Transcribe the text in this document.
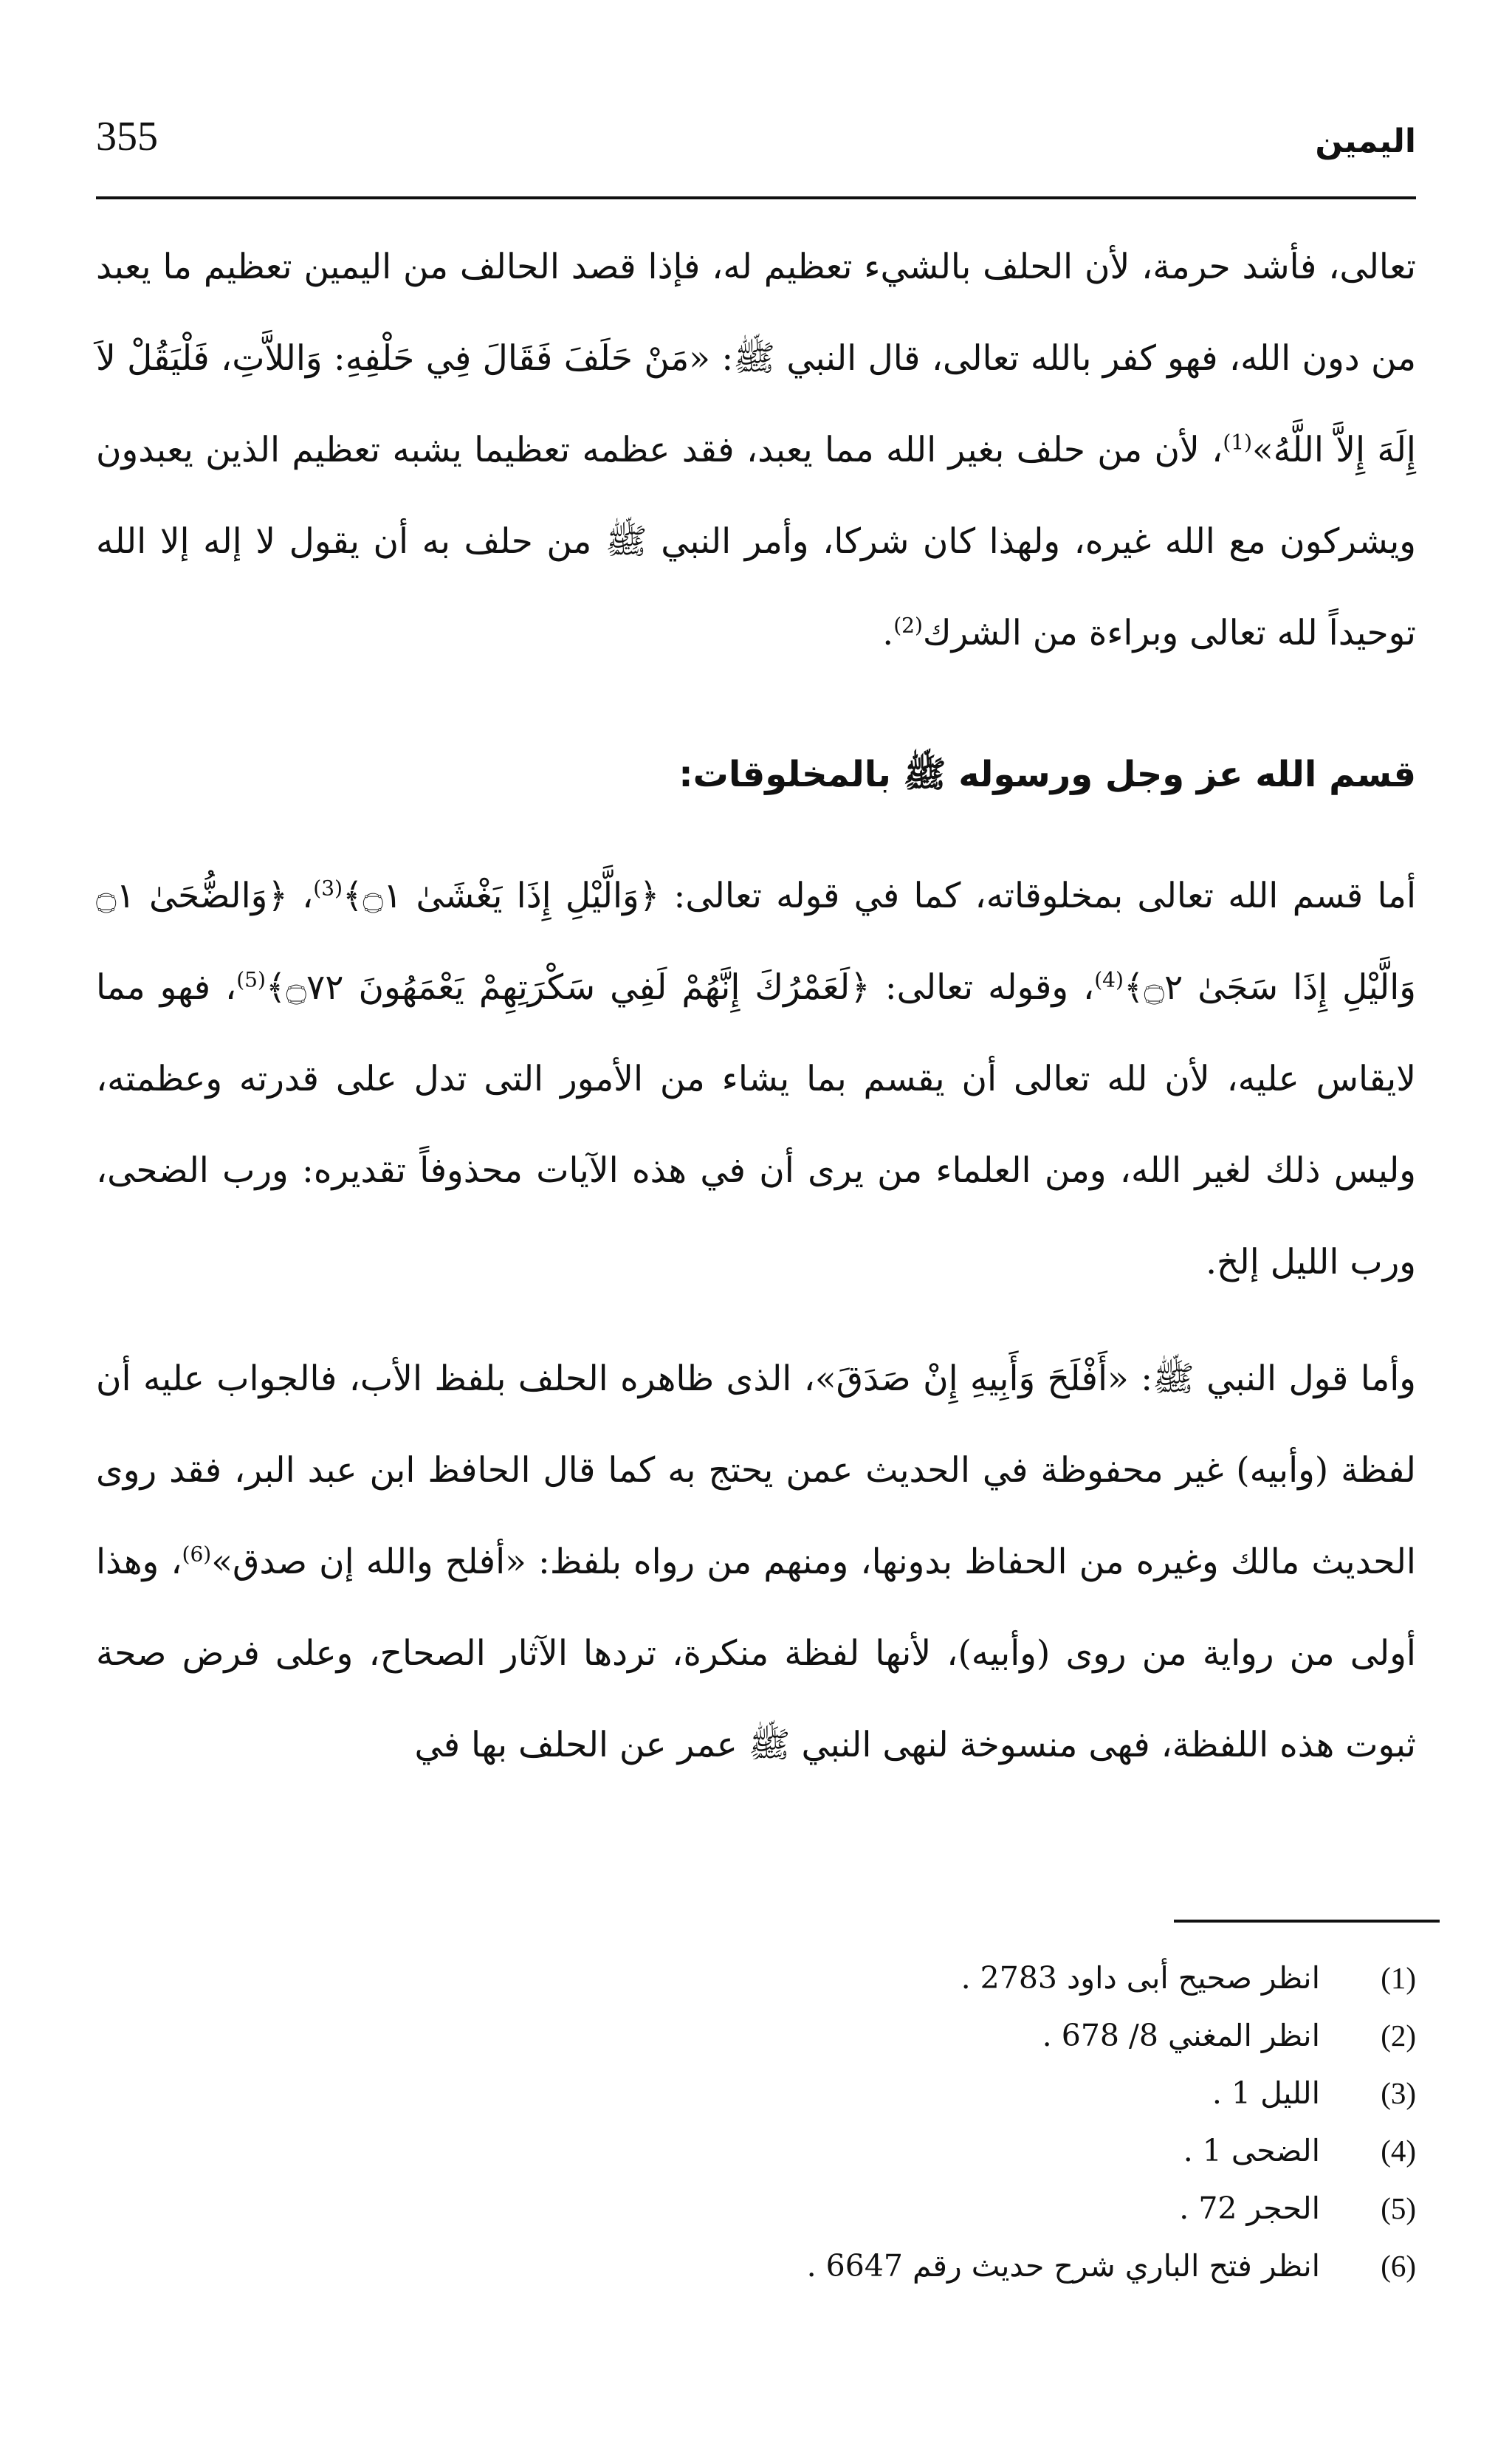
355	اليمين

تعالى، فأشد حرمة، لأن الحلف بالشيء تعظيم له، فإذا قصد الحالف من اليمين تعظيم ما يعبد من دون الله، فهو كفر بالله تعالى، قال النبي ﷺ: «مَنْ حَلَفَ فَقَالَ فِي حَلْفِهِ: وَاللاَّتِ، فَلْيَقُلْ لاَ إِلَهَ إِلاَّ اللَّهُ»$^{(1)}$، لأن من حلف بغير الله مما يعبد، فقد عظمه تعظيما يشبه تعظيم الذين يعبدون ويشركون مع الله غيره، ولهذا كان شركا، وأمر النبي ﷺ من حلف به أن يقول لا إله إلا الله توحيداً لله تعالى وبراءة من الشرك$^{(2)}$.

قسم الله عز وجل ورسوله ﷺ بالمخلوقات:

أما قسم الله تعالى بمخلوقاته، كما في قوله تعالى: ﴿وَالَّيْلِ إِذَا يَغْشَىٰ ۝١﴾$^{(3)}$، ﴿وَالضُّحَىٰ ۝١ وَالَّيْلِ إِذَا سَجَىٰ ۝٢﴾$^{(4)}$، وقوله تعالى: ﴿لَعَمْرُكَ إِنَّهُمْ لَفِي سَكْرَتِهِمْ يَعْمَهُونَ ۝٧٢﴾$^{(5)}$، فهو مما لايقاس عليه، لأن لله تعالى أن يقسم بما يشاء من الأمور التى تدل على قدرته وعظمته، وليس ذلك لغير الله، ومن العلماء من يرى أن في هذه الآيات محذوفاً تقديره: ورب الضحى، ورب الليل إلخ.

وأما قول النبي ﷺ: «أَفْلَحَ وَأَبِيهِ إِنْ صَدَقَ»، الذى ظاهره الحلف بلفظ الأب، فالجواب عليه أن لفظة (وأبيه) غير محفوظة في الحديث عمن يحتج به كما قال الحافظ ابن عبد البر، فقد روى الحديث مالك وغيره من الحفاظ بدونها، ومنهم من رواه بلفظ: «أفلح والله إن صدق»$^{(6)}$، وهذا أولى من رواية من روى (وأبيه)، لأنها لفظة منكرة، تردها الآثار الصحاح، وعلى فرض صحة ثبوت هذه اللفظة، فهى منسوخة لنهى النبي ﷺ عمر عن الحلف بها في

(1)
انظر صحيح أبى داود 2783 .
(2)
انظر المغني 8/ 678 .
(3)
الليل 1 .
(4)
الضحى 1 .
(5)
الحجر 72 .
(6)
انظر فتح الباري شرح حديث رقم 6647 .
